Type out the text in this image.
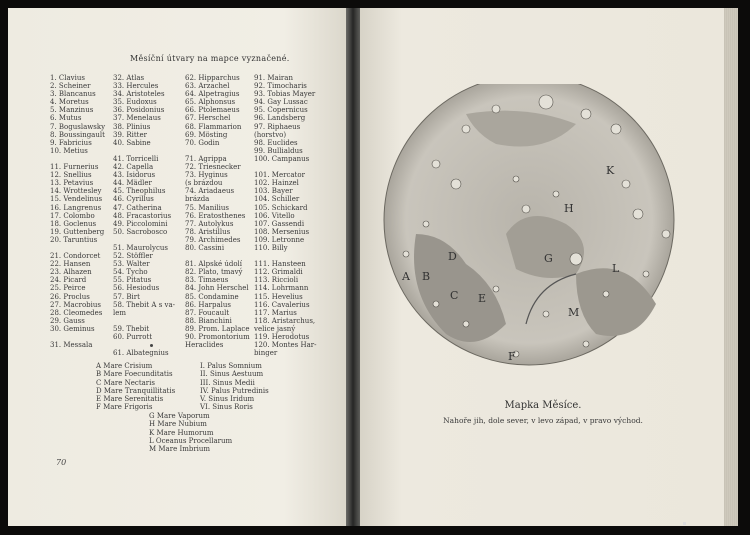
Měsíční útvary na mapce vyznačené.
1. Clavius
2. Scheiner
3. Blancanus
4. Moretus
5. Manzinus
6. Mutus
7. Boguslawsky
8. Boussingault
9. Fabricius
10. Metius
11. Furnerius
12. Snellius
13. Petavius
14. Wrottesley
15. Vendelinus
16. Langrenus
17. Colombo
18. Goclenus
19. Guttenberg
20. Taruntius
21. Condorcet
22. Hansen
23. Alhazen
24. Picard
25. Peirce
26. Proclus
27. Macrobius
28. Cleomedes
29. Gauss
30. Geminus
31. Messala
32. Atlas
33. Hercules
34. Aristoteles
35. Eudoxus
36. Posidonius
37. Menelaus
38. Plinius
39. Ritter
40. Sabine
41. Torricelli
42. Capella
43. Isidorus
44. Mädler
45. Theophilus
46. Cyrillus
47. Catherina
48. Fracastorius
49. Piccolomini
50. Sacrobosco
51. Maurolycus
52. Stöffler
53. Walter
54. Tycho
55. Pitatus
56. Hesiodus
57. Birt
58. Thebit A s va-
lem
59. Thebit
60. Purrott
61. Albategnius
62. Hipparchus
63. Arzachel
64. Alpetragius
65. Alphonsus
66. Ptolemaeus
67. Herschel
68. Flammarion
69. Mösting
70. Godin
71. Agrippa
72. Triesnecker
73. Hyginus
(s brázdou
74. Ariadaeus
brázda
75. Manilius
76. Eratosthenes
77. Autolykus
78. Aristillus
79. Archimedes
80. Cassini
81. Alpské údolí
82. Plato, tmavý
83. Timaeus
84. John Herschel
85. Condamine
86. Harpalus
87. Foucault
88. Bianchini
89. Prom. Laplace
90. Promontorium
Heraclides
91. Mairan
92. Timocharis
93. Tobias Mayer
94. Gay Lussac
95. Copernicus
96. Landsberg
97. Riphaeus
(horstvo)
98. Euclides
99. Bullialdus
100. Campanus
101. Mercator
102. Hainzel
103. Bayer
104. Schiller
105. Schickard
106. Vitello
107. Gassendi
108. Mersenius
109. Letronne
110. Billy
111. Hansteen
112. Grimaldi
113. Riccioli
114. Lohrmann
115. Hevelius
116. Cavalerius
117. Marius
118. Aristarchus,
velice jasný
119. Herodotus
120. Montes Har-
binger
A Mare Crisium
B Mare Foecunditatis
C Mare Nectaris
D Mare Tranquillitatis
E Mare Serenitatis
F Mare Frigoris
I. Palus Somnium
II. Sinus Aestuum
III. Sinus Medii
IV. Palus Putredinis
V. Sinus Iridum
VI. Sinus Roris
G Mare Vaporum
H Mare Nubium
K Mare Humorum
L Oceanus Procellarum
M Mare Imbrium
70
A B
C
D
E
F
G
H
K
L
M
Mapka Měsíce.
Nahoře jih, dole sever, v levo západ, v pravo východ.
